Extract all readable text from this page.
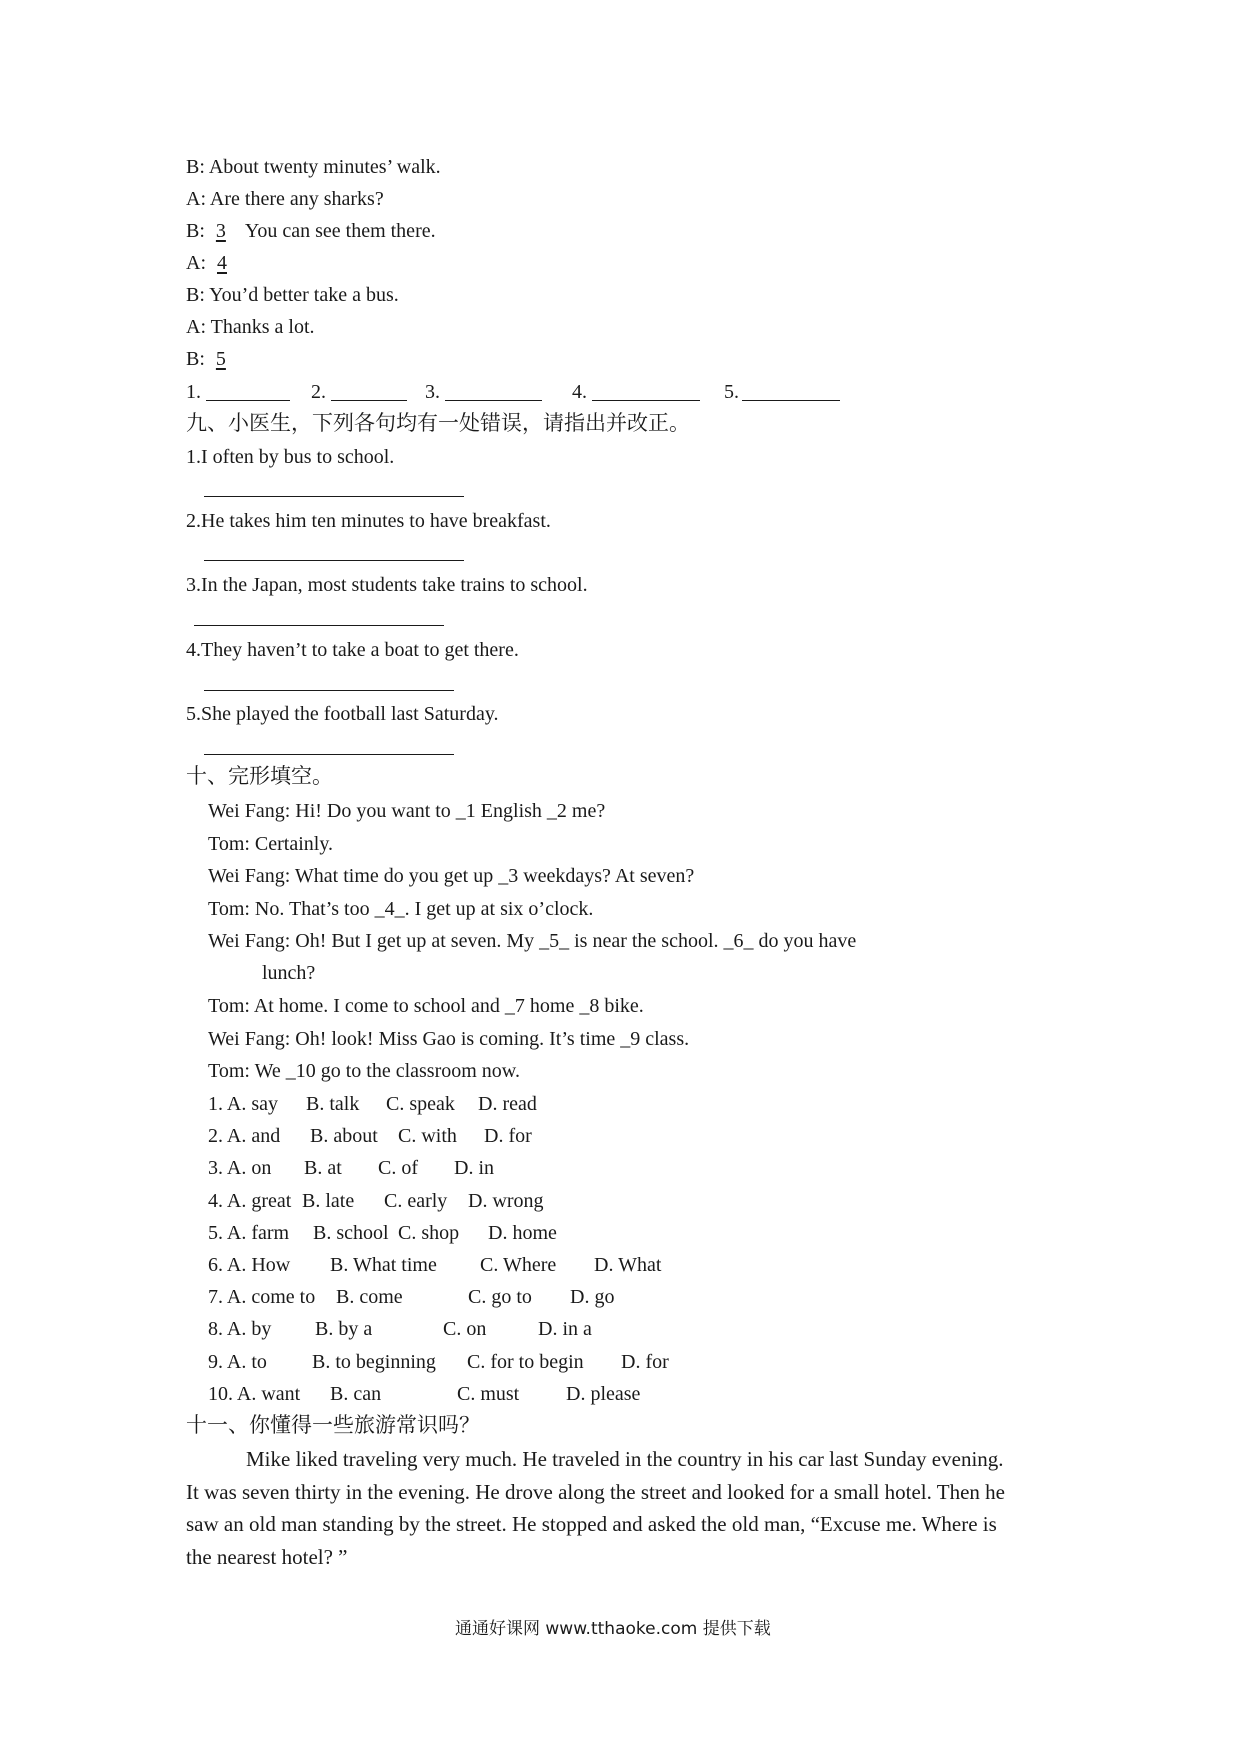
B: About twenty minutes’ walk.
A: Are there any sharks?
B: 3 You can see them there.
A: 4
B: You’d better take a bus.
A: Thanks a lot.
B: 5
1.	2.	3.	4.	5.
九、小医生，下列各句均有一处错误，请指出并改正。
1.I often by bus to school.
2.He takes him ten minutes to have breakfast.
3.In the Japan, most students take trains to school.
4.They haven’t to take a boat to get there.
5.She played the football last Saturday.
十、完形填空。
Wei Fang: Hi! Do you want to _1 English _2 me?
Tom: Certainly.
Wei Fang: What time do you get up _3 weekdays? At seven?
Tom: No. That’s too _4_. I get up at six o’clock.
Wei Fang: Oh! But I get up at seven. My _5_ is near the school. _6_ do you have
lunch?
Tom: At home. I come to school and _7 home _8 bike.
Wei Fang: Oh! look! Miss Gao is coming. It’s time _9 class.
Tom: We _10 go to the classroom now.
1. A. say B. talk C. speak D. read
2. A. and B. about C. with D. for
3. A. on B. at C. of D. in
4. A. great B. late C. early D. wrong
5. A. farm B. school C. shop D. home
6. A. How B. What time C. Where D. What
7. A. come to B. come	C. go to D. go
8. A. by B. by a	C. on	D. in a
9. A. to B. to beginning C. for to begin D. for
10. A. want B. can	C. must D. please
十一、你懂得一些旅游常识吗？
Mike liked traveling very much. He traveled in the country in his car last Sunday evening.
It was seven thirty in the evening. He drove along the street and looked for a small hotel. Then he
saw an old man standing by the street. He stopped and asked the old man, “Excuse me. Where is
the nearest hotel? ”
通通好课网 www.tthaoke.com 提供下载
